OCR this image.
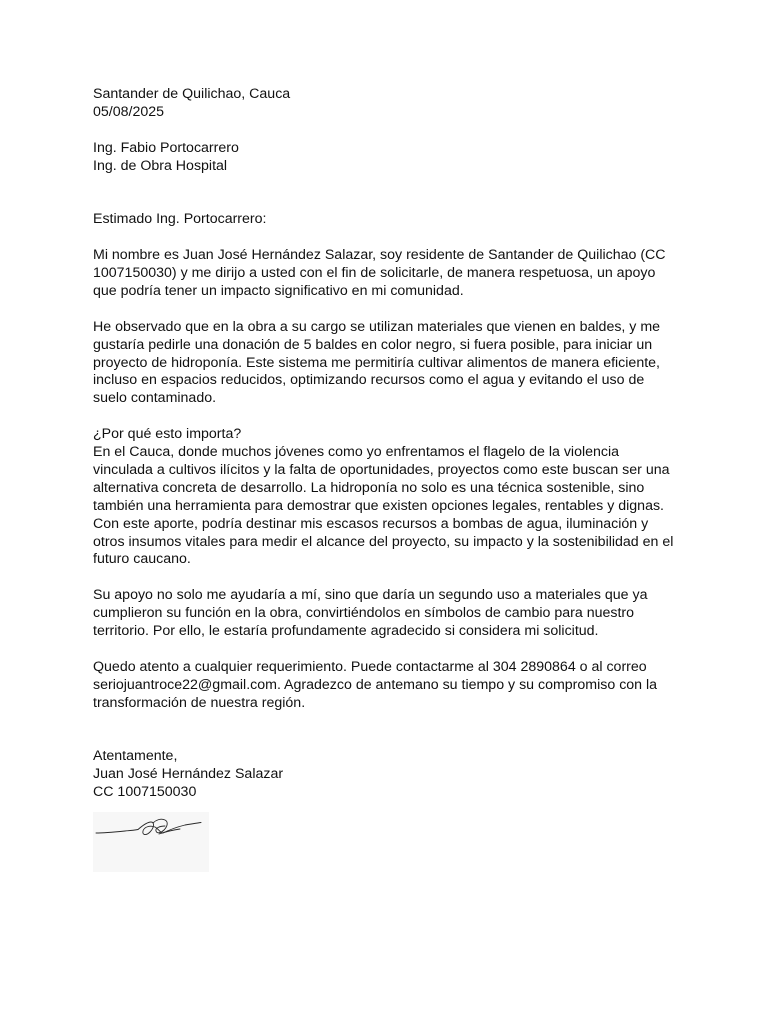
Santander de Quilichao, Cauca
05/08/2025
Ing. Fabio Portocarrero
Ing. de Obra Hospital
Estimado Ing. Portocarrero:
Mi nombre es Juan José Hernández Salazar, soy residente de Santander de Quilichao (CC
1007150030) y me dirijo a usted con el fin de solicitarle, de manera respetuosa, un apoyo
que podría tener un impacto significativo en mi comunidad.
He observado que en la obra a su cargo se utilizan materiales que vienen en baldes, y me
gustaría pedirle una donación de 5 baldes en color negro, si fuera posible, para iniciar un
proyecto de hidroponía. Este sistema me permitiría cultivar alimentos de manera eficiente,
incluso en espacios reducidos, optimizando recursos como el agua y evitando el uso de
suelo contaminado.
¿Por qué esto importa?
En el Cauca, donde muchos jóvenes como yo enfrentamos el flagelo de la violencia
vinculada a cultivos ilícitos y la falta de oportunidades, proyectos como este buscan ser una
alternativa concreta de desarrollo. La hidroponía no solo es una técnica sostenible, sino
también una herramienta para demostrar que existen opciones legales, rentables y dignas.
Con este aporte, podría destinar mis escasos recursos a bombas de agua, iluminación y
otros insumos vitales para medir el alcance del proyecto, su impacto y la sostenibilidad en el
futuro caucano.
Su apoyo no solo me ayudaría a mí, sino que daría un segundo uso a materiales que ya
cumplieron su función en la obra, convirtiéndolos en símbolos de cambio para nuestro
territorio. Por ello, le estaría profundamente agradecido si considera mi solicitud.
Quedo atento a cualquier requerimiento. Puede contactarme al 304 2890864 o al correo
seriojuantroce22@gmail.com. Agradezco de antemano su tiempo y su compromiso con la
transformación de nuestra región.
Atentamente,
Juan José Hernández Salazar
CC 1007150030
